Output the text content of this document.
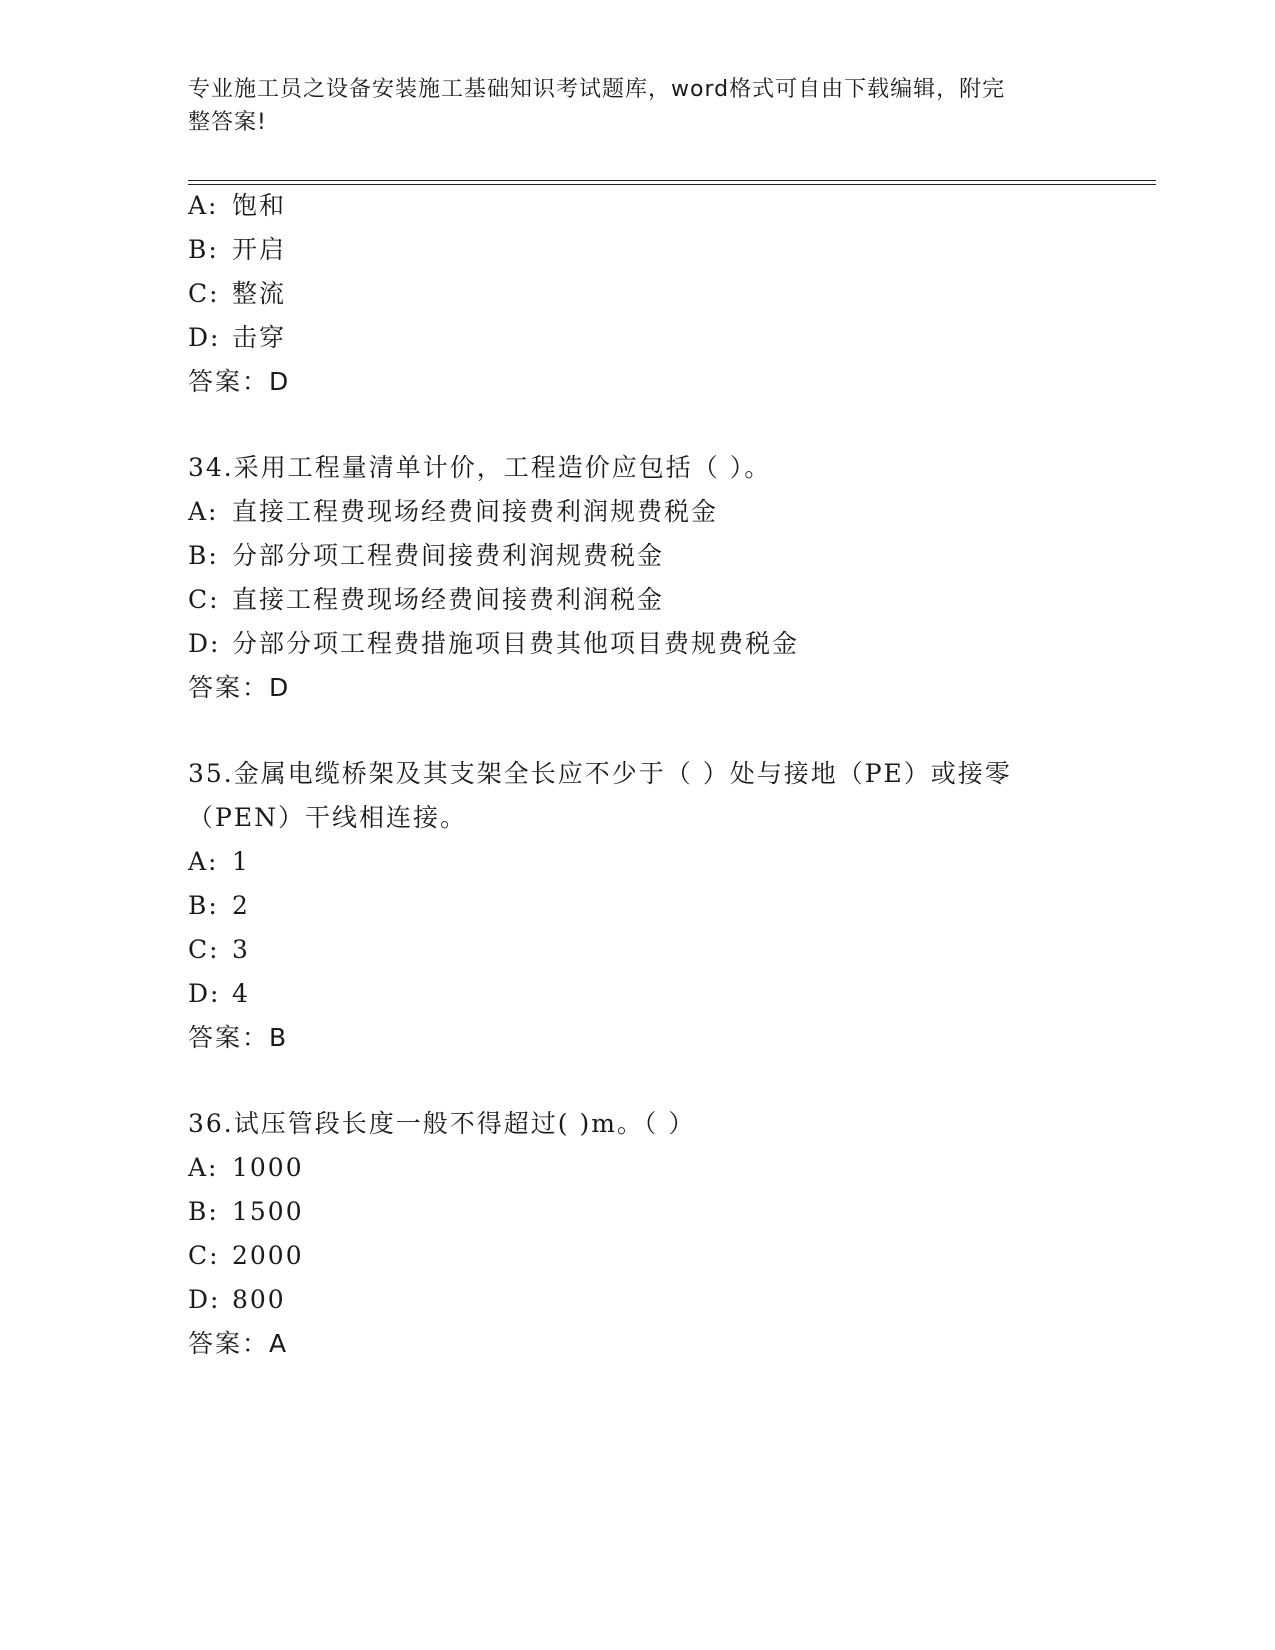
专业施工员之设备安装施工基础知识考试题库，word格式可自由下载编辑，附完
整答案!
A: 饱和
B: 开启
C: 整流
D: 击穿
答案：D
34.采用工程量清单计价，工程造价应包括（ ）。
A: 直接工程费现场经费间接费利润规费税金
B: 分部分项工程费间接费利润规费税金
C: 直接工程费现场经费间接费利润税金
D: 分部分项工程费措施项目费其他项目费规费税金
答案：D
35.金属电缆桥架及其支架全长应不少于（ ）处与接地（PE）或接零
（PEN）干线相连接。
A: 1
B: 2
C: 3
D: 4
答案：B
36.试压管段长度一般不得超过( )m。（ ）
A: 1000
B: 1500
C: 2000
D: 800
答案：A
